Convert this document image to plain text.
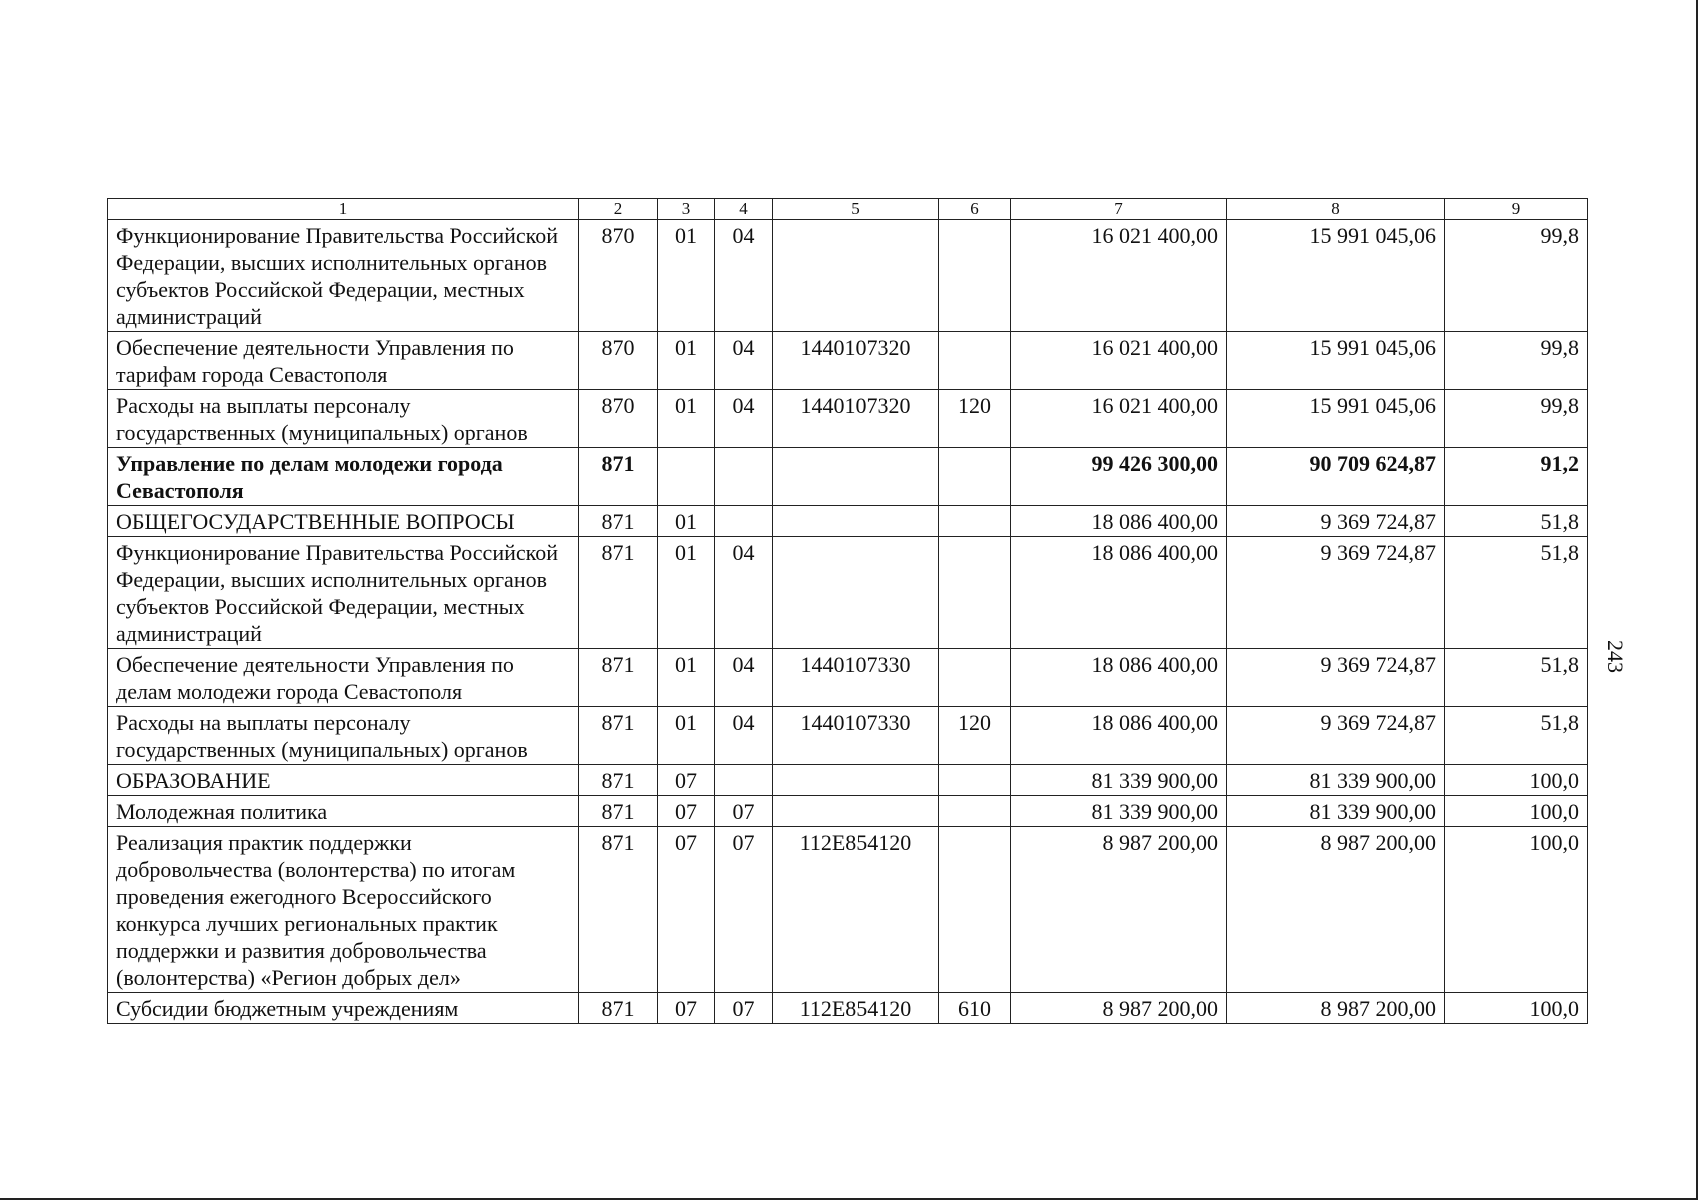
1	2	3	4	5	6	7	8	9
Функционирование Правительства Российской Федерации, высших исполнительных органов субъектов Российской Федерации, местных администраций	870	01	04			16 021 400,00	15 991 045,06	99,8
Обеспечение деятельности Управления по тарифам города Севастополя	870	01	04	1440107320		16 021 400,00	15 991 045,06	99,8
Расходы на выплаты персоналу государственных (муниципальных) органов	870	01	04	1440107320	120	16 021 400,00	15 991 045,06	99,8
Управление по делам молодежи города Севастополя	871					99 426 300,00	90 709 624,87	91,2
ОБЩЕГОСУДАРСТВЕННЫЕ ВОПРОСЫ	871	01				18 086 400,00	9 369 724,87	51,8
Функционирование Правительства Российской Федерации, высших исполнительных органов субъектов Российской Федерации, местных администраций	871	01	04			18 086 400,00	9 369 724,87	51,8
Обеспечение деятельности Управления по делам молодежи города Севастополя	871	01	04	1440107330		18 086 400,00	9 369 724,87	51,8
Расходы на выплаты персоналу государственных (муниципальных) органов	871	01	04	1440107330	120	18 086 400,00	9 369 724,87	51,8
ОБРАЗОВАНИЕ	871	07				81 339 900,00	81 339 900,00	100,0
Молодежная политика	871	07	07			81 339 900,00	81 339 900,00	100,0
Реализация практик поддержки добровольчества (волонтерства) по итогам проведения ежегодного Всероссийского конкурса лучших региональных практик поддержки и развития добровольчества (волонтерства) «Регион добрых дел»	871	07	07	112E854120		8 987 200,00	8 987 200,00	100,0
Субсидии бюджетным учреждениям	871	07	07	112E854120	610	8 987 200,00	8 987 200,00	100,0
243
